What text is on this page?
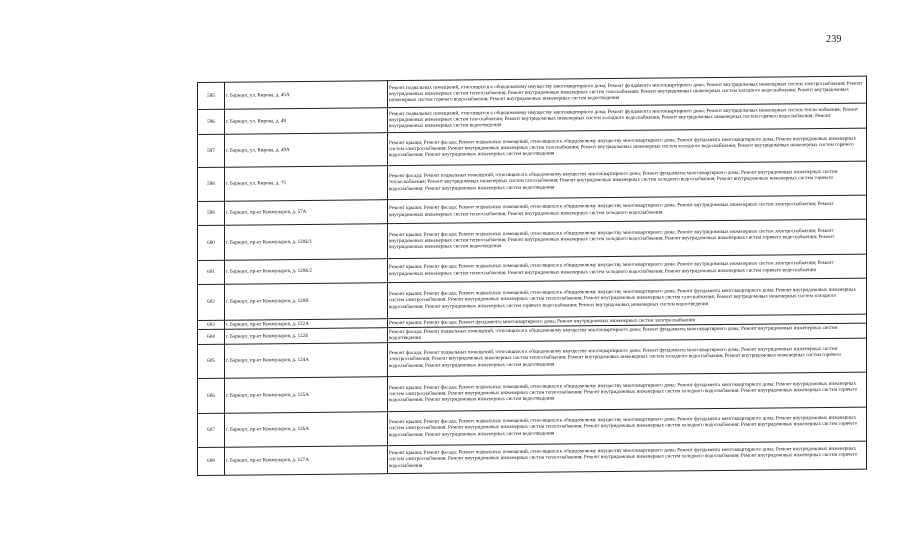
239
595	г. Барнаул, ул. Кирова, д. 45А	Ремонт подвальных помещений, относящихся к общедомовому имуществу многоквартирного дома; Ремонт фундамента многоквартирного дома; Ремонт внутридомовых инженерных систем электроснабжения; Ремонт внутридомовых инженерных систем теплоснабжения; Ремонт внутридомовых инженерных систем газоснабжения; Ремонт внутридомовых инженерных систем холодного водоснабжения; Ремонт внутридомовых инженерных систем горячего водоснабжения; Ремонт внутридомовых инженерных систем водоотведения
596	г. Барнаул, ул. Кирова, д. 49	Ремонт подвальных помещений, относящихся к общедомовому имуществу многоквартирного дома; Ремонт фундамента многоквартирного дома; Ремонт внутридомовых инженерных систем теплоснабжения; Ремонт внутридомовых инженерных систем газоснабжения; Ремонт внутридомовых инженерных систем холодного водоснабжения; Ремонт внутридомовых инженерных систем горячего водоснабжения; Ремонт внутридомовых инженерных систем водоотведения
597	г. Барнаул, ул. Кирова, д. 49А	Ремонт крыши; Ремонт фасада; Ремонт подвальных помещений, относящихся к общедомовому имуществу многоквартирного дома; Ремонт фундамента многоквартирного дома; Ремонт внутридомовых инженерных систем электроснабжения; Ремонт внутридомовых инженерных систем газоснабжения; Ремонт внутридомовых инженерных систем холодного водоснабжения; Ремонт внутридомовых инженерных систем горячего водоснабжения; Ремонт внутридомовых инженерных систем водоотведения
598	г. Барнаул, ул. Кирова, д. 75	Ремонт фасада; Ремонт подвальных помещений, относящихся к общедомовому имуществу многоквартирного дома; Ремонт фундамента многоквартирного дома; Ремонт внутридомовых инженерных систем теплоснабжения; Ремонт внутридомовых инженерных систем газоснабжения; Ремонт внутридомовых инженерных систем холодного водоснабжения; Ремонт внутридомовых инженерных систем горячего водоснабжения; Ремонт внутридомовых инженерных систем водоотведения
599	г. Барнаул, пр-кт Коммунаров, д. 57А	Ремонт крыши; Ремонт фасада; Ремонт подвальных помещений, относящихся к общедомовому имуществу многоквартирного дома; Ремонт внутридомовых инженерных систем электроснабжения; Ремонт внутридомовых инженерных систем теплоснабжения; Ремонт внутридомовых инженерных систем холодного водоснабжения
600	г. Барнаул, пр-кт Коммунаров, д. 120Б/1	Ремонт крыши; Ремонт фасада; Ремонт подвальных помещений, относящихся к общедомовому имуществу многоквартирного дома; Ремонт внутридомовых инженерных систем электроснабжения; Ремонт внутридомовых инженерных систем теплоснабжения; Ремонт внутридомовых инженерных систем холодного водоснабжения; Ремонт внутридомовых инженерных систем горячего водоснабжения; Ремонт внутридомовых инженерных систем водоотведения
601	г. Барнаул, пр-кт Коммунаров, д. 120Б/2	Ремонт крыши; Ремонт фасада; Ремонт подвальных помещений, относящихся к общедомовому имуществу многоквартирного дома; Ремонт внутридомовых инженерных систем электроснабжения; Ремонт внутридомовых инженерных систем теплоснабжения; Ремонт внутридомовых инженерных систем холодного водоснабжения; Ремонт внутридомовых инженерных систем горячего водоснабжения
602	г. Барнаул, пр-кт Коммунаров, д. 120В	Ремонт крыши; Ремонт фасада; Ремонт подвальных помещений, относящихся к общедомовому имуществу многоквартирного дома; Ремонт фундамента многоквартирного дома; Ремонт внутридомовых инженерных систем электроснабжения; Ремонт внутридомовых инженерных систем теплоснабжения; Ремонт внутридомовых инженерных систем газоснабжения; Ремонт внутридомовых инженерных систем холодного водоснабжения; Ремонт внутридомовых инженерных систем горячего водоснабжения; Ремонт внутридомовых инженерных систем водоотведения
603	г. Барнаул, пр-кт Коммунаров, д. 122А	Ремонт крыши; Ремонт фасада; Ремонт фундамента многоквартирного дома; Ремонт внутридомовых инженерных систем электроснабжения
604	г. Барнаул, пр-кт Коммунаров, д. 122Б	Ремонт фасада; Ремонт подвальных помещений, относящихся к общедомовому имуществу многоквартирного дома; Ремонт фундамента многоквартирного дома; Ремонт внутридомовых инженерных систем водоотведения
605	г. Барнаул, пр-кт Коммунаров, д. 124А	Ремонт фасада; Ремонт подвальных помещений, относящихся к общедомовому имуществу многоквартирного дома; Ремонт фундамента многоквартирного дома; Ремонт внутридомовых инженерных систем электроснабжения; Ремонт внутридомовых инженерных систем теплоснабжения; Ремонт внутридомовых инженерных систем холодного водоснабжения; Ремонт внутридомовых инженерных систем горячего водоснабжения; Ремонт внутридомовых инженерных систем водоотведения
606	г. Барнаул, пр-кт Коммунаров, д. 125А	Ремонт крыши; Ремонт фасада; Ремонт подвальных помещений, относящихся к общедомовому имуществу многоквартирного дома; Ремонт фундамента многоквартирного дома; Ремонт внутридомовых инженерных систем электроснабжения; Ремонт внутридомовых инженерных систем теплоснабжения; Ремонт внутридомовых инженерных систем холодного водоснабжения; Ремонт внутридомовых инженерных систем горячего водоснабжения; Ремонт внутридомовых инженерных систем водоотведения
607	г. Барнаул, пр-кт Коммунаров, д. 126А	Ремонт крыши; Ремонт фасада; Ремонт подвальных помещений, относящихся к общедомовому имуществу многоквартирного дома; Ремонт фундамента многоквартирного дома; Ремонт внутридомовых инженерных систем электроснабжения; Ремонт внутридомовых инженерных систем теплоснабжения; Ремонт внутридомовых инженерных систем холодного водоснабжения; Ремонт внутридомовых инженерных систем горячего водоснабжения; Ремонт внутридомовых инженерных систем водоотведения
608	г. Барнаул, пр-кт Коммунаров, д. 127А	Ремонт крыши; Ремонт фасада; Ремонт подвальных помещений, относящихся к общедомовому имуществу многоквартирного дома; Ремонт фундамента многоквартирного дома; Ремонт внутридомовых инженерных систем электроснабжения; Ремонт внутридомовых инженерных систем теплоснабжения; Ремонт внутридомовых инженерных систем холодного водоснабжения; Ремонт внутридомовых инженерных систем горячего водоснабжения
